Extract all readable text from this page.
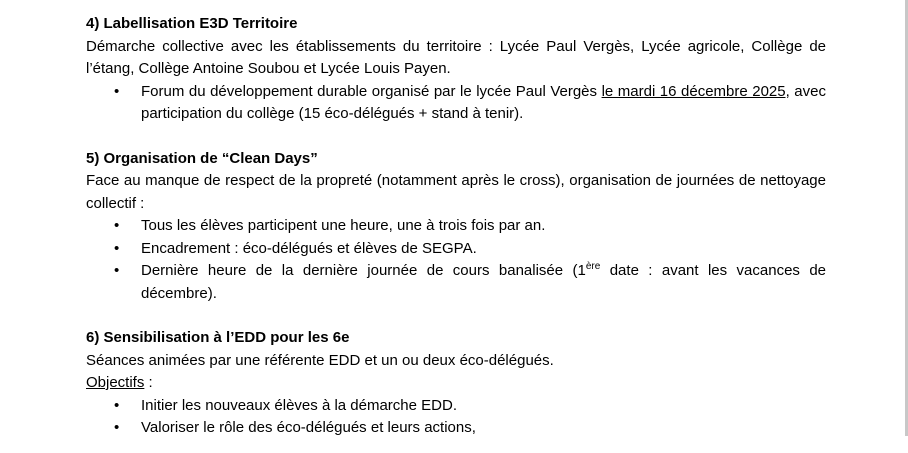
4) Labellisation E3D Territoire
Démarche collective avec les établissements du territoire : Lycée Paul Vergès, Lycée agricole, Collège de l’étang, Collège Antoine Soubou et Lycée Louis Payen.
• Forum du développement durable organisé par le lycée Paul Vergès le mardi 16 décembre 2025, avec participation du collège (15 éco-délégués + stand à tenir).
5) Organisation de “Clean Days”
Face au manque de respect de la propreté (notamment après le cross), organisation de journées de nettoyage collectif :
• Tous les élèves participent une heure, une à trois fois par an.
• Encadrement : éco-délégués et élèves de SEGPA.
• Dernière heure de la dernière journée de cours banalisée (1ère date : avant les vacances de décembre).
6) Sensibilisation à l’EDD pour les 6e
Séances animées par une référente EDD et un ou deux éco-délégués.
Objectifs :
• Initier les nouveaux élèves à la démarche EDD.
• Valoriser le rôle des éco-délégués et leurs actions,
